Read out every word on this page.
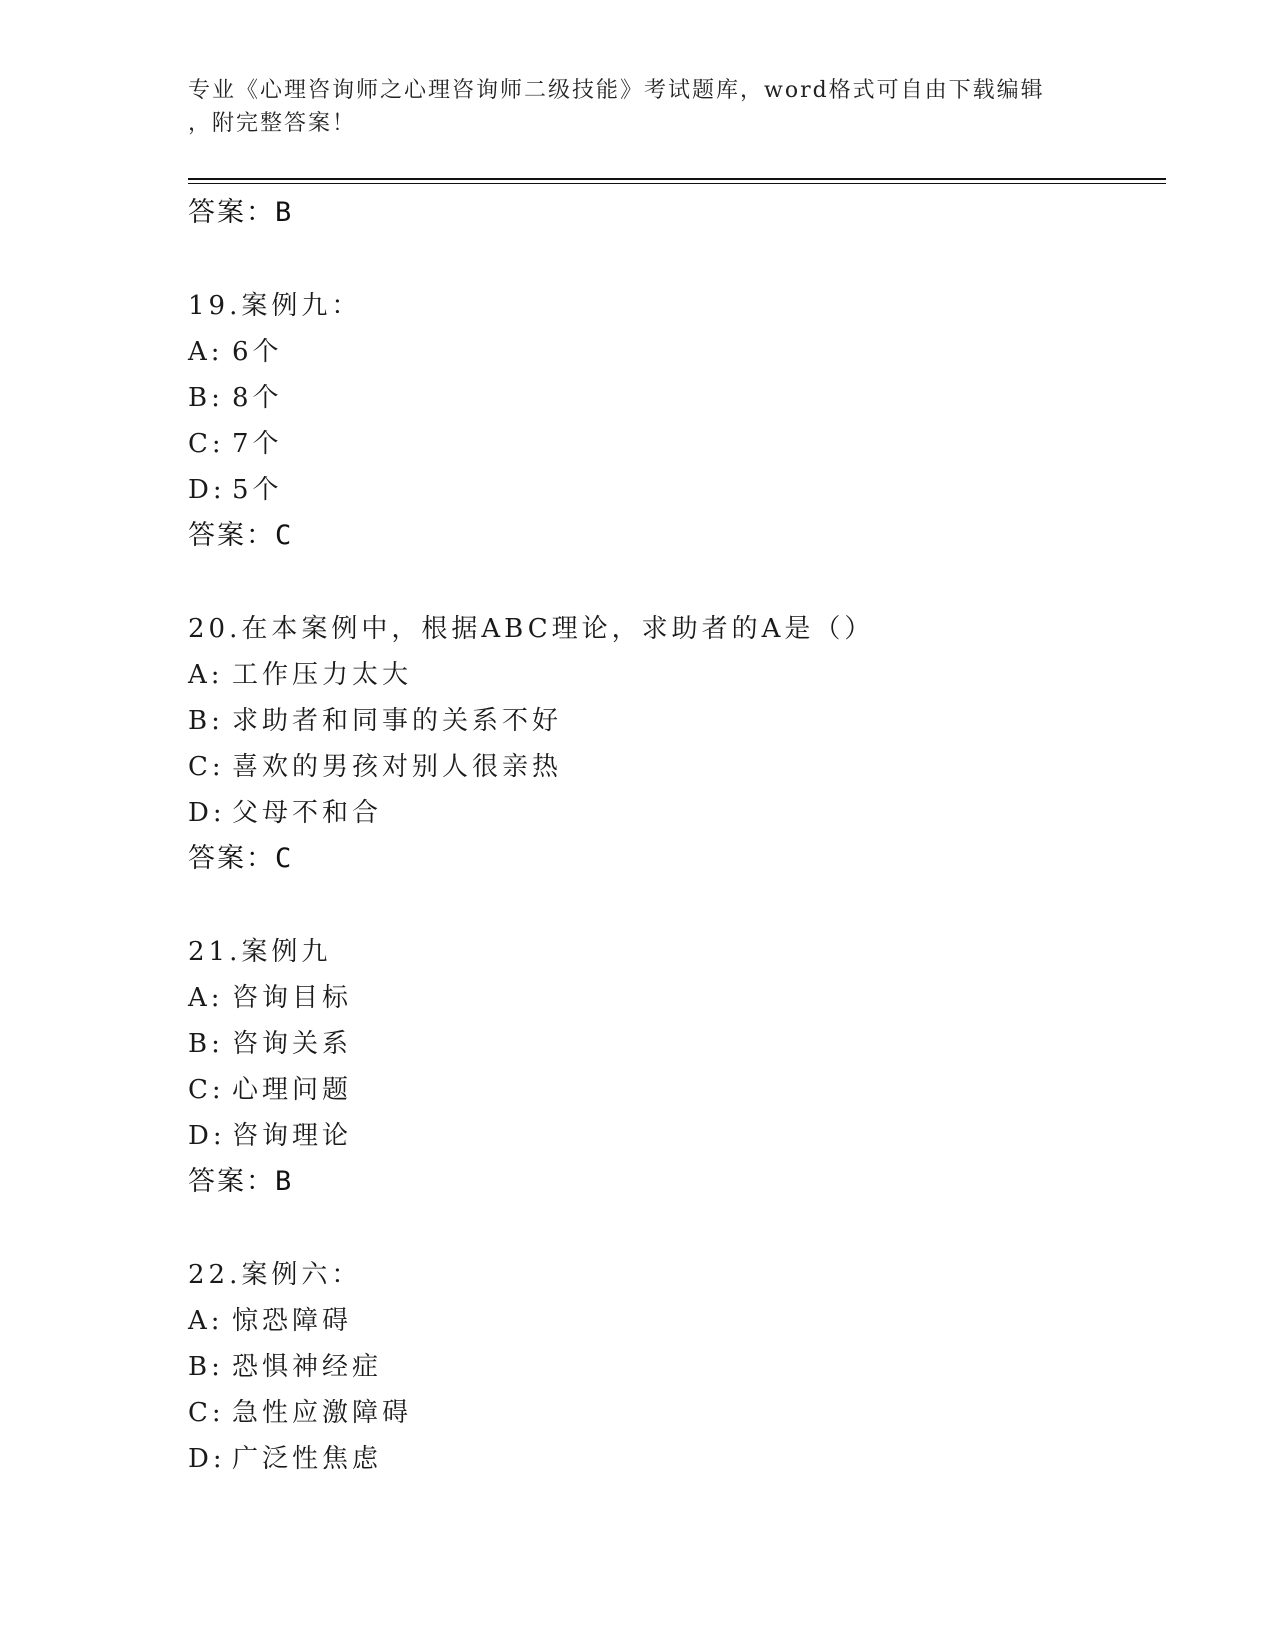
专业《心理咨询师之心理咨询师二级技能》考试题库，word格式可自由下载编辑
，附完整答案！
答案：B
19.案例九：
A: 6个
B: 8个
C: 7个
D: 5个
答案：C
20.在本案例中，根据ABC理论，求助者的A是（）
A: 工作压力太大
B: 求助者和同事的关系不好
C: 喜欢的男孩对别人很亲热
D: 父母不和合
答案：C
21.案例九
A: 咨询目标
B: 咨询关系
C: 心理问题
D: 咨询理论
答案：B
22.案例六：
A: 惊恐障碍
B: 恐惧神经症
C: 急性应激障碍
D: 广泛性焦虑
